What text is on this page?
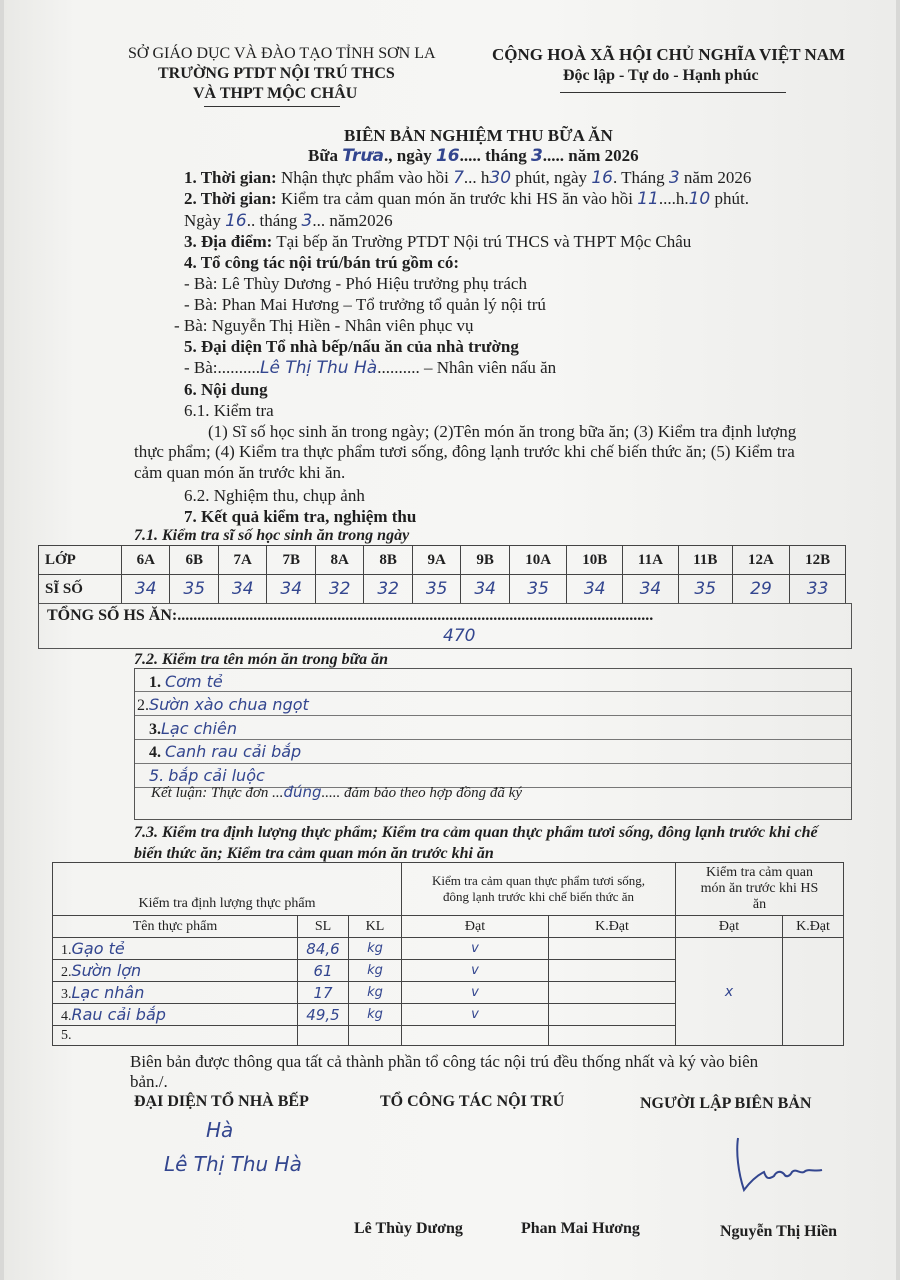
SỞ GIÁO DỤC VÀ ĐÀO TẠO TỈNH SƠN LA
TRƯỜNG PTDT NỘI TRÚ THCS
VÀ THPT MỘC CHÂU
CỘNG HOÀ XÃ HỘI CHỦ NGHĨA VIỆT NAM
Độc lập - Tự do - Hạnh phúc
BIÊN BẢN NGHIỆM THU BỮA ĂN
Bữa Trưa., ngày 16..... tháng 3..... năm 2026
1. Thời gian: Nhận thực phẩm vào hồi 7... h30 phút, ngày 16. Tháng 3 năm 2026
2. Thời gian: Kiểm tra cảm quan món ăn trước khi HS ăn vào hồi 11....h.10 phút.
Ngày 16.. tháng 3... năm2026
3. Địa điểm: Tại bếp ăn Trường PTDT Nội trú THCS và THPT Mộc Châu
4. Tổ công tác nội trú/bán trú gồm có:
- Bà: Lê Thùy Dương - Phó Hiệu trưởng phụ trách
- Bà: Phan Mai Hương – Tổ trưởng tổ quản lý nội trú
- Bà: Nguyễn Thị Hiền - Nhân viên phục vụ
5. Đại diện Tổ nhà bếp/nấu ăn của nhà trường
- Bà:..........Lê Thị Thu Hà.......... – Nhân viên nấu ăn
6. Nội dung
6.1. Kiểm tra
(1) Sĩ số học sinh ăn trong ngày; (2)Tên món ăn trong bữa ăn; (3) Kiểm tra định lượng
thực phẩm; (4) Kiểm tra thực phẩm tươi sống, đông lạnh trước khi chế biến thức ăn; (5) Kiểm tra
cảm quan món ăn trước khi ăn.
6.2. Nghiệm thu, chụp ảnh
7. Kết quả kiểm tra, nghiệm thu
7.1. Kiểm tra sĩ số học sinh ăn trong ngày
LỚP	6A	6B	7A	7B	8A	8B	9A	9B	10A	10B	11A	11B	12A	12B
SĨ SỐ	34	35	34	34	32	32	35	34	35	34	34	35	29	33
TỔNG SỐ HS ĂN:.......................................................................................................................
470
7.2. Kiểm tra tên món ăn trong bữa ăn
1. Cơm tẻ
2.Sườn xào chua ngọt
3.Lạc chiên
4. Canh rau cải bắp
5. bắp cải luộc
Kết luận: Thực đơn ...đúng..... đảm bảo theo hợp đồng đã ký
7.3. Kiểm tra định lượng thực phẩm; Kiểm tra cảm quan thực phẩm tươi sống, đông lạnh trước khi chế
biến thức ăn; Kiểm tra cảm quan món ăn trước khi ăn
Kiểm tra định lượng thực phẩm			Kiểm tra cảm quan thực phẩm tươi sống, đông lạnh trước khi chế biến thức ăn		Kiểm tra cảm quan món ăn trước khi HS ăn	
Tên thực phẩm	SL	KL	Đạt	K.Đạt	Đạt	K.Đạt
1.Gạo tẻ	84,6	kg	v		x	
2.Sườn lợn	61	kg	v			
3.Lạc nhân	17	kg	v			
4.Rau cải bắp	49,5	kg	v			
5.						
Biên bản được thông qua tất cả thành phần tổ công tác nội trú đều thống nhất và ký vào biên
bản./.
ĐẠI DIỆN TỔ NHÀ BẾP	TỔ CÔNG TÁC NỘI TRÚ	NGƯỜI LẬP BIÊN BẢN
Hà
Lê Thị Thu Hà
Lê Thùy Dương	Phan Mai Hương	Nguyễn Thị Hiền
